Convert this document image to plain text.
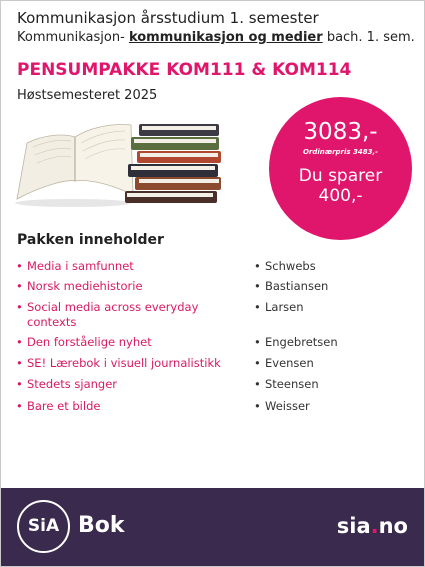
Kommunikasjon årsstudium 1. semester
Kommunikasjon- kommunikasjon og medier bach. 1. sem.
PENSUMPAKKE KOM111 & KOM114
Høstsemesteret 2025
3083,-
Ordinærpris 3483,-
Du sparer
400,-
Pakken inneholder
• Media i samfunnet
• Norsk mediehistorie
• Social media across everyday
contexts
• Den forståelige nyhet
• SE! Lærebok i visuell journalistikk
• Stedets sjanger
• Bare et bilde
• Schwebs
• Bastiansen
• Larsen
• Engebretsen
• Evensen
• Steensen
• Weisser
SiA Bok	sia.no
